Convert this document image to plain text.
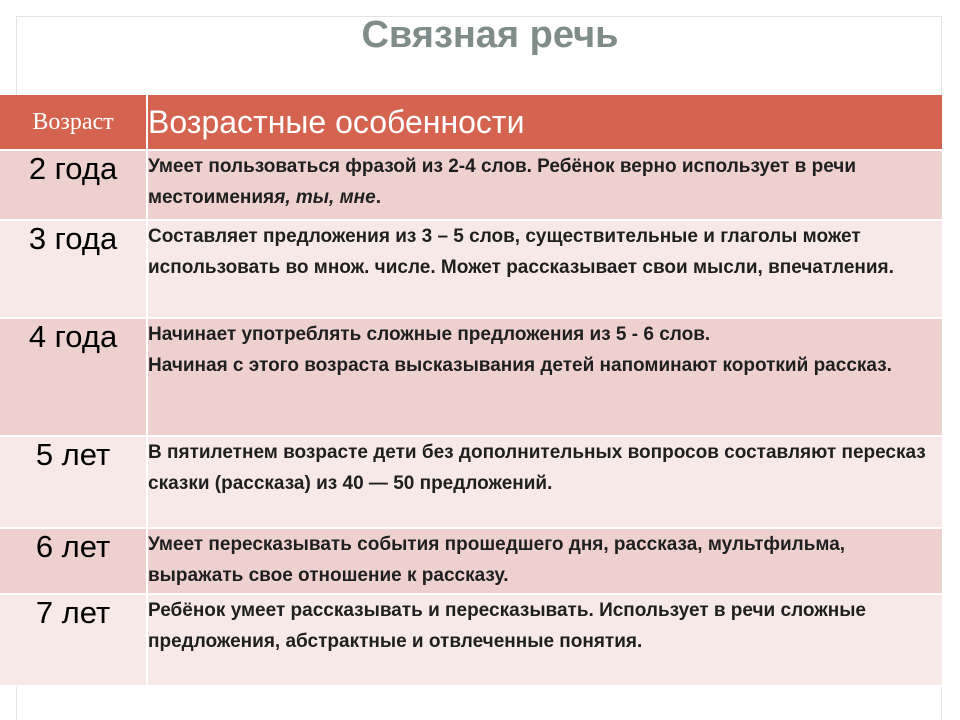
Связная речь
Возраст	Возрастные особенности
2 года	Умеет пользоваться фразой из 2-4 слов. Ребёнок верно использует в речи местоименияя, ты, мне.
3 года	Составляет предложения из 3 – 5 слов, существительные и глаголы может использовать во множ. числе. Может рассказывает свои мысли, впечатления.
4 года	Начинает употреблять сложные предложения из 5 - 6 слов.
Начиная с этого возраста высказывания детей напоминают короткий рассказ.

5 лет	В пятилетнем возрасте дети без дополнительных вопросов составляют пересказ сказки (рассказа) из 40 — 50 предложений.
6 лет	Умеет пересказывать события прошедшего дня, рассказа, мультфильма, выражать свое отношение к рассказу.
7 лет	Ребёнок умеет рассказывать и пересказывать. Использует в речи сложные предложения, абстрактные и отвлеченные понятия.
